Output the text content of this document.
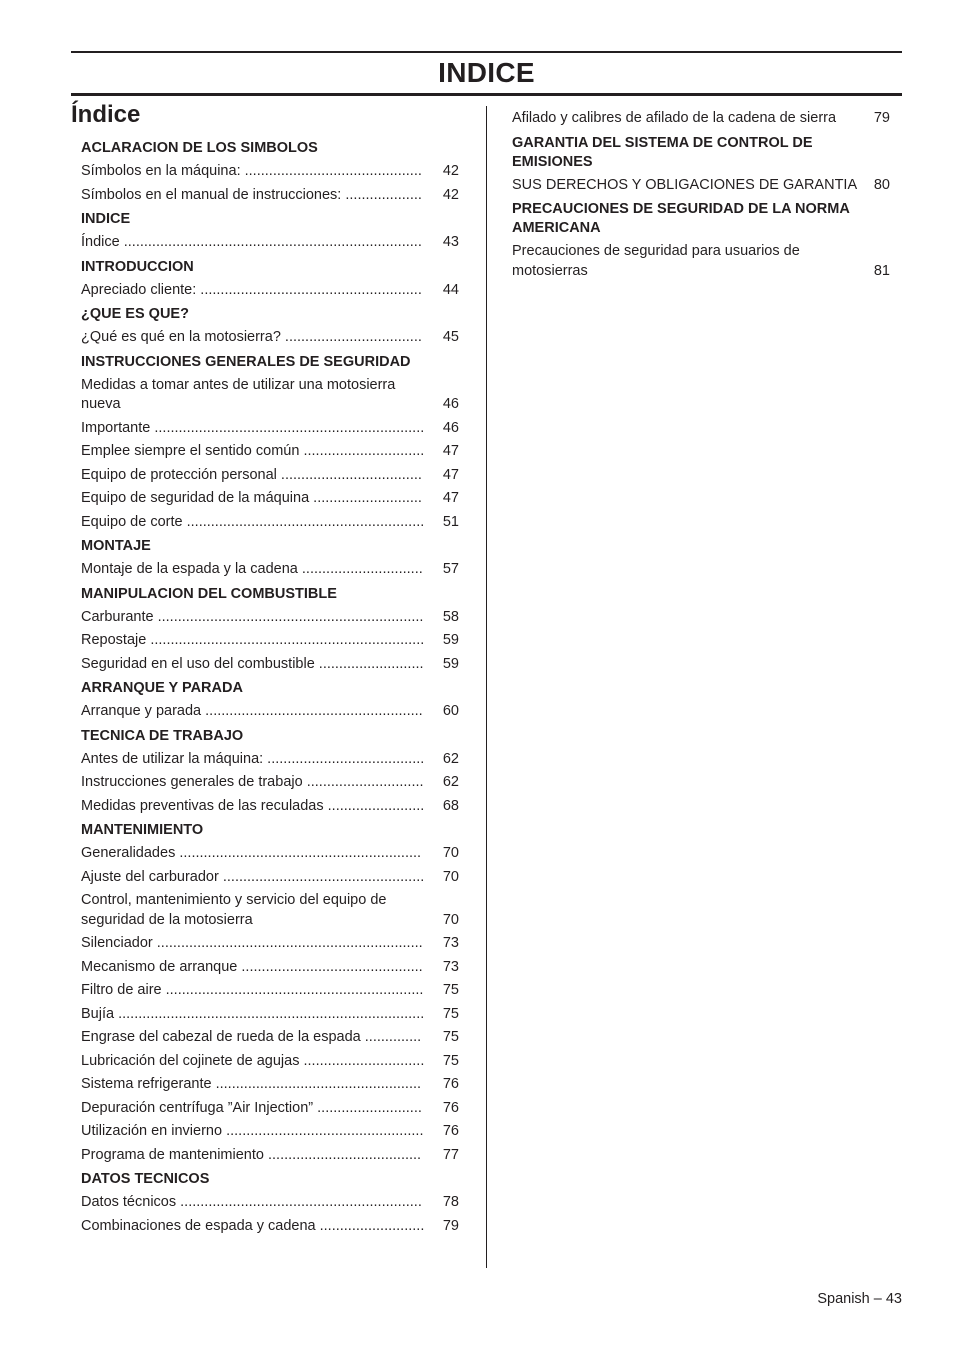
INDICE
Índice
ACLARACION DE LOS SIMBOLOS
Símbolos en la máquina: ............................................	42
Símbolos en el manual de instrucciones: ...................	42
INDICE
Índice ..........................................................................	43
INTRODUCCION
Apreciado cliente: .......................................................	44
¿QUE ES QUE?
¿Qué es qué en la motosierra? ..................................	45
INSTRUCCIONES GENERALES DE SEGURIDAD
Medidas a tomar antes de utilizar una motosierra nueva	46
Importante ...................................................................	46
Emplee siempre el sentido común ..............................	47
Equipo de protección personal ...................................	47
Equipo de seguridad de la máquina ...........................	47
Equipo de corte ...........................................................	51
MONTAJE
Montaje de la espada y la cadena ..............................	57
MANIPULACION DEL COMBUSTIBLE
Carburante ..................................................................	58
Repostaje ....................................................................	59
Seguridad en el uso del combustible ..........................	59
ARRANQUE Y PARADA
Arranque y parada ......................................................	60
TECNICA DE TRABAJO
Antes de utilizar la máquina: .......................................	62
Instrucciones generales de trabajo .............................	62
Medidas preventivas de las reculadas ........................	68
MANTENIMIENTO
Generalidades ............................................................	70
Ajuste del carburador ..................................................	70
Control, mantenimiento y servicio del equipo de seguridad de la motosierra	70
Silenciador ..................................................................	73
Mecanismo de arranque .............................................	73
Filtro de aire ................................................................	75
Bujía ............................................................................	75
Engrase del cabezal de rueda de la espada ..............	75
Lubricación del cojinete de agujas ..............................	75
Sistema refrigerante ...................................................	76
Depuración centrífuga ”Air Injection” ..........................	76
Utilización en invierno .................................................	76
Programa de mantenimiento ......................................	77
DATOS TECNICOS
Datos técnicos ............................................................	78
Combinaciones de espada y cadena ..........................	79
Afilado y calibres de afilado de la cadena de sierra	79
GARANTIA DEL SISTEMA DE CONTROL DE EMISIONES
SUS DERECHOS Y OBLIGACIONES DE GARANTIA	80
PRECAUCIONES DE SEGURIDAD DE LA NORMA AMERICANA
Precauciones de seguridad para usuarios de motosierras	81
Spanish – 43
